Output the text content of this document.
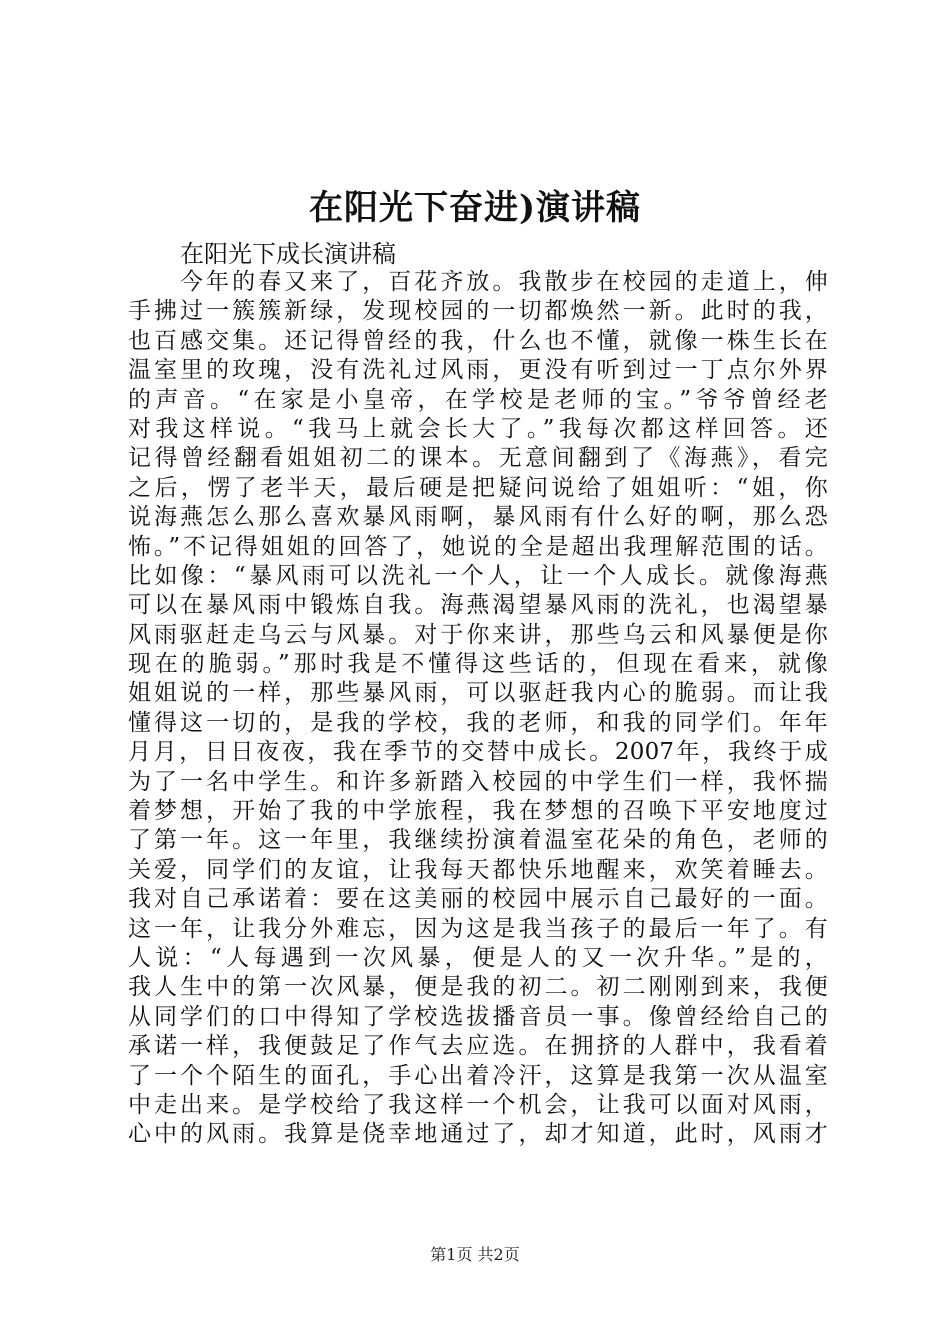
在阳光下奋进)演讲稿
在阳光下成长演讲稿
今年的春又来了，百花齐放。我散步在校园的走道上，伸
手拂过一簇簇新绿，发现校园的一切都焕然一新。此时的我，
也百感交集。还记得曾经的我，什么也不懂，就像一株生长在
温室里的玫瑰，没有洗礼过风雨，更没有听到过一丁点尔外界
的声音。“在家是小皇帝，在学校是老师的宝。”爷爷曾经老
对我这样说。“我马上就会长大了。”我每次都这样回答。还
记得曾经翻看姐姐初二的课本。无意间翻到了《海燕》，看完
之后，愣了老半天，最后硬是把疑问说给了姐姐听：“姐，你
说海燕怎么那么喜欢暴风雨啊，暴风雨有什么好的啊，那么恐
怖。”不记得姐姐的回答了，她说的全是超出我理解范围的话。
比如像：“暴风雨可以洗礼一个人，让一个人成长。就像海燕
可以在暴风雨中锻炼自我。海燕渴望暴风雨的洗礼，也渴望暴
风雨驱赶走乌云与风暴。对于你来讲，那些乌云和风暴便是你
现在的脆弱。”那时我是不懂得这些话的，但现在看来，就像
姐姐说的一样，那些暴风雨，可以驱赶我内心的脆弱。而让我
懂得这一切的，是我的学校，我的老师，和我的同学们。年年
月月，日日夜夜，我在季节的交替中成长。2007年，我终于成
为了一名中学生。和许多新踏入校园的中学生们一样，我怀揣
着梦想，开始了我的中学旅程，我在梦想的召唤下平安地度过
了第一年。这一年里，我继续扮演着温室花朵的角色，老师的
关爱，同学们的友谊，让我每天都快乐地醒来，欢笑着睡去。
我对自己承诺着：要在这美丽的校园中展示自己最好的一面。
这一年，让我分外难忘，因为这是我当孩子的最后一年了。有
人说：“人每遇到一次风暴，便是人的又一次升华。”是的，
我人生中的第一次风暴，便是我的初二。初二刚刚到来，我便
从同学们的口中得知了学校选拔播音员一事。像曾经给自己的
承诺一样，我便鼓足了作气去应选。在拥挤的人群中，我看着
了一个个陌生的面孔，手心出着冷汗，这算是我第一次从温室
中走出来。是学校给了我这样一个机会，让我可以面对风雨，
心中的风雨。我算是侥幸地通过了，却才知道，此时，风雨才
第1页 共2页
